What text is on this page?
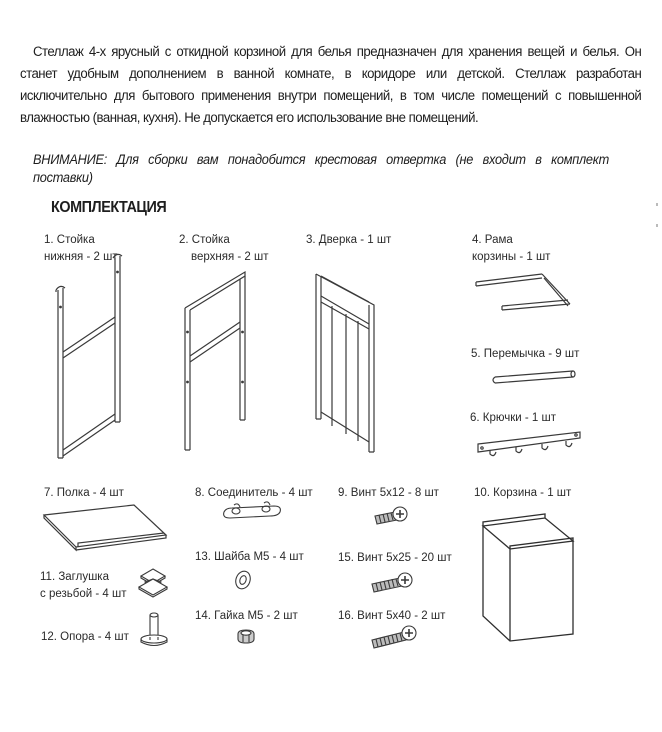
Стеллаж 4-х ярусный с откидной корзиной для белья предназначен для хранения вещей и белья. Он станет удобным дополнением в ванной комнате, в коридоре или детской. Стеллаж разработан исключительно для бытового применения внутри помещений, в том числе помещений с повышенной влажностью (ванная, кухня). Не допускается его использование вне помещений.

ВНИМАНИЕ: Для сборки вам понадобится крестовая отвертка (не входит в комплект поставки)

КОМПЛЕКТАЦИЯ
1. Стойка
нижняя - 2 шт
2. Стойка
верхняя - 2 шт
3. Дверка - 1 шт	4. Рама
корзины - 1 шт
5. Перемычка - 9 шт
6. Крючки - 1 шт
7. Полка - 4 шт	8. Соединитель - 4 шт 9. Винт 5x12 - 8 шт	10. Корзина - 1 шт
11. Заглушка
с резьбой - 4 шт
12. Опора - 4 шт
13. Шайба М5 - 4 шт
14. Гайка М5 - 2 шт
15. Винт 5x25 - 20 шт
16. Винт 5x40 - 2 шт
